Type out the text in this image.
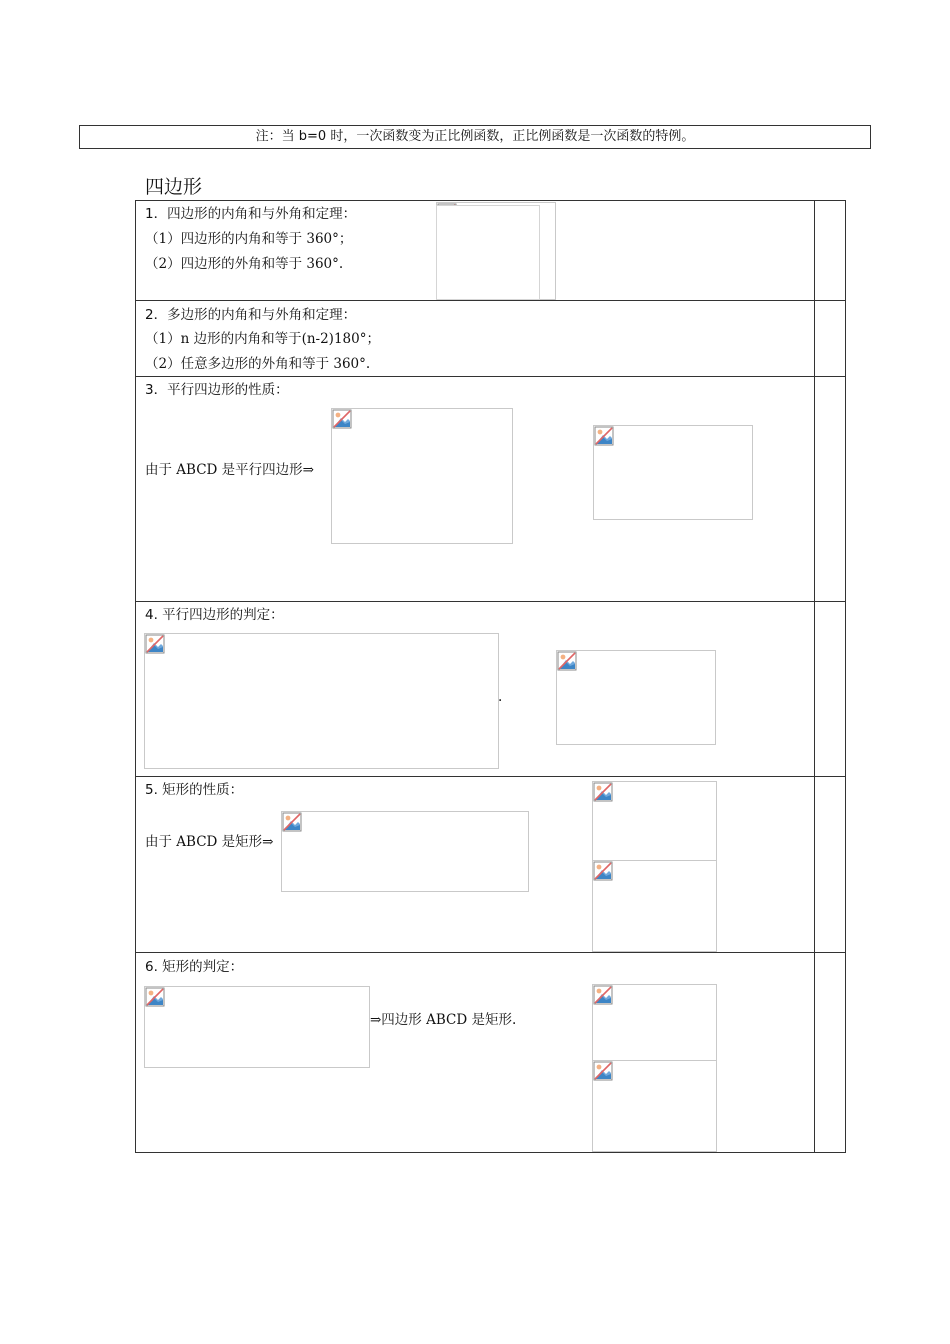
注：当 b=0 时，一次函数变为正比例函数，正比例函数是一次函数的特例。
四边形
1．四边形的内角和与外角和定理：
（1）四边形的内角和等于 360°；
（2）四边形的外角和等于 360°.
2．多边形的内角和与外角和定理：
（1）n 边形的内角和等于(n-2)180°；
（2）任意多边形的外角和等于 360°.
3．平行四边形的性质：
由于 ABCD 是平行四边形⇒
4. 平行四边形的判定：
.
5. 矩形的性质：
由于 ABCD 是矩形⇒
6. 矩形的判定：
⇒四边形 ABCD 是矩形.
